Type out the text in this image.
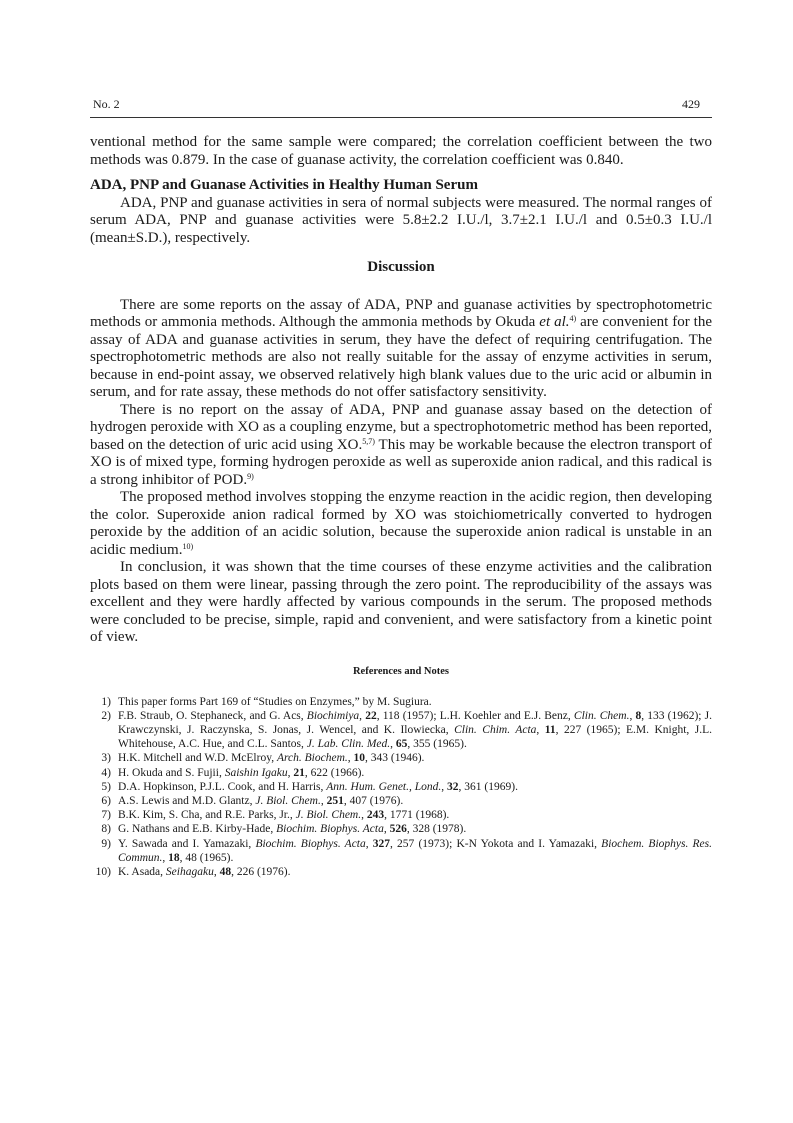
No. 2	429

ventional method for the same sample were compared; the correlation coefficient between the two methods was 0.879. In the case of guanase activity, the correlation coefficient was 0.840.

ADA, PNP and Guanase Activities in Healthy Human Serum

ADA, PNP and guanase activities in sera of normal subjects were measured. The normal ranges of serum ADA, PNP and guanase activities were 5.8±2.2 I.U./l, 3.7±2.1 I.U./l and 0.5±0.3 I.U./l (mean±S.D.), respectively.

Discussion

There are some reports on the assay of ADA, PNP and guanase activities by spectrophotometric methods or ammonia methods. Although the ammonia methods by Okuda et al.$^{4)}$ are convenient for the assay of ADA and guanase activities in serum, they have the defect of requiring centrifugation. The spectrophotometric methods are also not really suitable for the assay of enzyme activities in serum, because in end-point assay, we observed relatively high blank values due to the uric acid or albumin in serum, and for rate assay, these methods do not offer satisfactory sensitivity.

There is no report on the assay of ADA, PNP and guanase assay based on the detection of hydrogen peroxide with XO as a coupling enzyme, but a spectrophotometric method has been reported, based on the detection of uric acid using XO.$^{5,7)}$ This may be workable because the electron transport of XO is of mixed type, forming hydrogen peroxide as well as superoxide anion radical, and this radical is a strong inhibitor of POD.$^{9)}$

The proposed method involves stopping the enzyme reaction in the acidic region, then developing the color. Superoxide anion radical formed by XO was stoichiometrically converted to hydrogen peroxide by the addition of an acidic solution, because the superoxide anion radical is unstable in an acidic medium.$^{10)}$

In conclusion, it was shown that the time courses of these enzyme activities and the calibration plots based on them were linear, passing through the zero point. The reproducibility of the assays was excellent and they were hardly affected by various compounds in the serum. The proposed methods were concluded to be precise, simple, rapid and convenient, and were satisfactory from a kinetic point of view.

References and Notes
1) This paper forms Part 169 of “Studies on Enzymes,” by M. Sugiura.
2) F.B. Straub, O. Stephaneck, and G. Acs, Biochimiya, 22, 118 (1957); L.H. Koehler and E.J. Benz, Clin. Chem., 8, 133 (1962); J. Krawczynski, J. Raczynska, S. Jonas, J. Wencel, and K. Ilowiecka, Clin. Chim. Acta, 11, 227 (1965); E.M. Knight, J.L. Whitehouse, A.C. Hue, and C.L. Santos, J. Lab. Clin. Med., 65, 355 (1965).
3) H.K. Mitchell and W.D. McElroy, Arch. Biochem., 10, 343 (1946).
4) H. Okuda and S. Fujii, Saishin Igaku, 21, 622 (1966).
5) D.A. Hopkinson, P.J.L. Cook, and H. Harris, Ann. Hum. Genet., Lond., 32, 361 (1969).
6) A.S. Lewis and M.D. Glantz, J. Biol. Chem., 251, 407 (1976).
7) B.K. Kim, S. Cha, and R.E. Parks, Jr., J. Biol. Chem., 243, 1771 (1968).
8) G. Nathans and E.B. Kirby-Hade, Biochim. Biophys. Acta, 526, 328 (1978).
9) Y. Sawada and I. Yamazaki, Biochim. Biophys. Acta, 327, 257 (1973); K-N Yokota and I. Yamazaki, Biochem. Biophys. Res. Commun., 18, 48 (1965).
10) K. Asada, Seihagaku, 48, 226 (1976).
